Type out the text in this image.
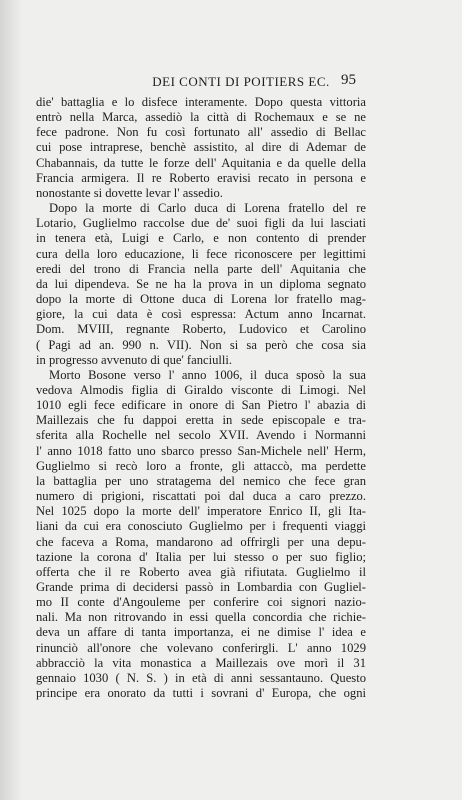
DEI CONTI DI POITIERS EC. 95
die' battaglia e lo disfece interamente. Dopo questa vittoria
entrò nella Marca, assediò la città di Rochemaux e se ne
fece padrone. Non fu così fortunato all' assedio di Bellac
cui pose intraprese, benchè assistito, al dire di Ademar de
Chabannais, da tutte le forze dell' Aquitania e da quelle della
Francia armigera. Il re Roberto eravisi recato in persona e
nonostante si dovette levar l' assedio.
Dopo la morte di Carlo duca di Lorena fratello del re
Lotario, Guglielmo raccolse due de' suoi figli da lui lasciati
in tenera età, Luigi e Carlo, e non contento di prender
cura della loro educazione, li fece riconoscere per legittimi
eredi del trono di Francia nella parte dell' Aquitania che
da lui dipendeva. Se ne ha la prova in un diploma segnato
dopo la morte di Ottone duca di Lorena lor fratello mag-
giore, la cui data è così espressa: Actum anno Incarnat.
Dom. MVIII, regnante Roberto, Ludovico et Carolino
( Pagi ad an. 990 n. VII). Non si sa però che cosa sia
in progresso avvenuto di que' fanciulli.
Morto Bosone verso l' anno 1006, il duca sposò la sua
vedova Almodis figlia di Giraldo visconte di Limogi. Nel
1010 egli fece edificare in onore di San Pietro l' abazia di
Maillezais che fu dappoi eretta in sede episcopale e tra-
sferita alla Rochelle nel secolo XVII. Avendo i Normanni
l' anno 1018 fatto uno sbarco presso San-Michele nell' Herm,
Guglielmo si recò loro a fronte, gli attaccò, ma perdette
la battaglia per uno stratagema del nemico che fece gran
numero di prigioni, riscattati poi dal duca a caro prezzo.
Nel 1025 dopo la morte dell' imperatore Enrico II, gli Ita-
liani da cui era conosciuto Guglielmo per i frequenti viaggi
che faceva a Roma, mandarono ad offrirgli per una depu-
tazione la corona d' Italia per lui stesso o per suo figlio;
offerta che il re Roberto avea già rifiutata. Guglielmo il
Grande prima di decidersi passò in Lombardia con Gugliel-
mo II conte d'Angouleme per conferire coi signori nazio-
nali. Ma non ritrovando in essi quella concordia che richie-
deva un affare di tanta importanza, ei ne dimise l' idea e
rinunciò all'onore che volevano conferirgli. L' anno 1029
abbracciò la vita monastica a Maillezais ove morì il 31
gennaio 1030 ( N. S. ) in età di anni sessantauno. Questo
principe era onorato da tutti i sovrani d' Europa, che ogni
